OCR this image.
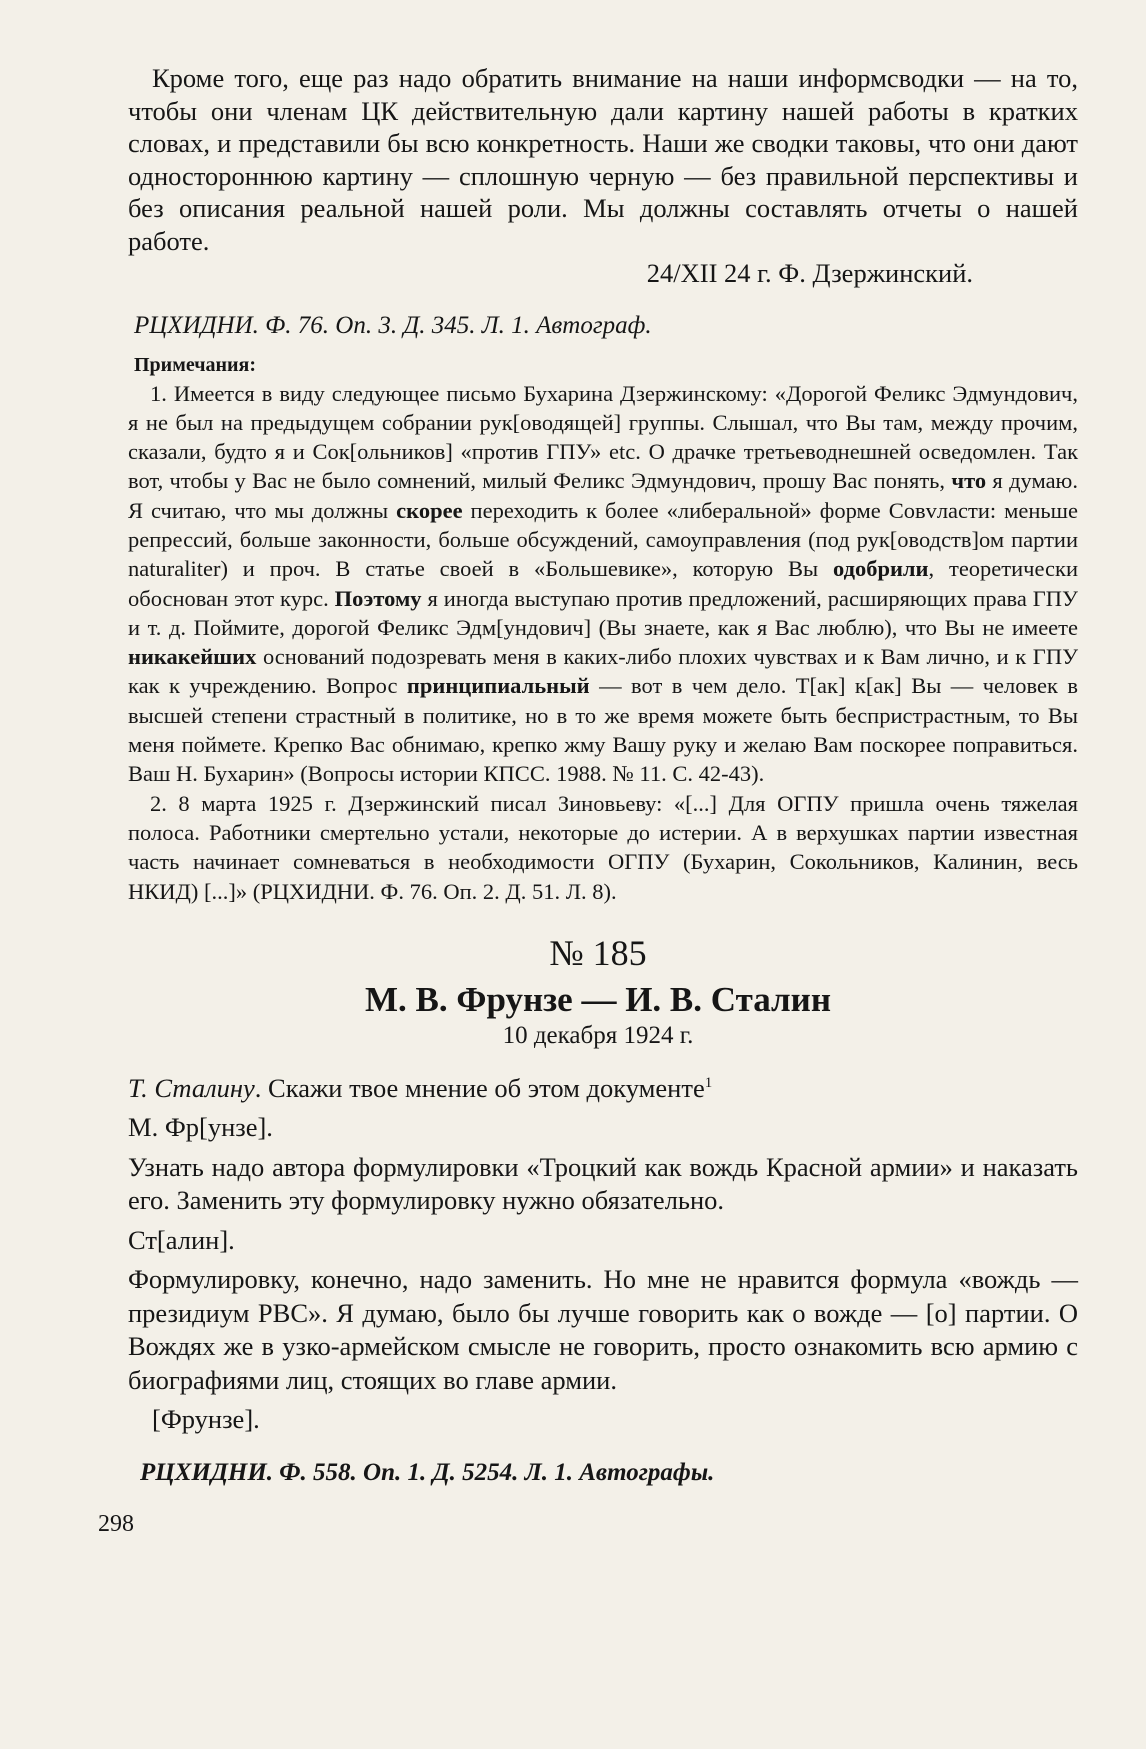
Кроме того, еще раз надо обратить внимание на наши информсводки — на то, чтобы они членам ЦК действительную дали картину нашей работы в кратких словах, и представили бы всю конкретность. Наши же сводки таковы, что они дают одностороннюю картину — сплошную черную — без правильной перспективы и без описания реальной нашей роли. Мы должны составлять отчеты о нашей работе.

24/XII 24 г. Ф. Дзержинский.

РЦХИДНИ. Ф. 76. Оп. 3. Д. 345. Л. 1. Автограф.

Примечания:

1. Имеется в виду следующее письмо Бухарина Дзержинскому: «Дорогой Феликс Эдмундович, я не был на предыдущем собрании рук[оводящей] группы. Слышал, что Вы там, между прочим, сказали, будто я и Сок[ольников] «против ГПУ» etc. О драчке третьеводнешней осведомлен. Так вот, чтобы у Вас не было сомнений, милый Феликс Эдмундович, прошу Вас понять, что я думаю. Я считаю, что мы должны скорее переходить к более «либеральной» форме Совvласти: меньше репрессий, больше законности, больше обсуждений, самоуправления (под рук[оводств]ом партии naturaliter) и проч. В статье своей в «Большевике», которую Вы одобрили, теоретически обоснован этот курс. Поэтому я иногда выступаю против предложений, расширяющих права ГПУ и т. д. Поймите, дорогой Феликс Эдм[ундович] (Вы знаете, как я Вас люблю), что Вы не имеете никакейших оснований подозревать меня в каких-либо плохих чувствах и к Вам лично, и к ГПУ как к учреждению. Вопрос принципиальный — вот в чем дело. Т[ак] к[ак] Вы — человек в высшей степени страстный в политике, но в то же время можете быть беспристрастным, то Вы меня поймете. Крепко Вас обнимаю, крепко жму Вашу руку и желаю Вам поскорее поправиться. Ваш Н. Бухарин» (Вопросы истории КПСС. 1988. № 11. С. 42-43).

2. 8 марта 1925 г. Дзержинский писал Зиновьеву: «[...] Для ОГПУ пришла очень тяжелая полоса. Работники смертельно устали, некоторые до истерии. А в верхушках партии известная часть начинает сомневаться в необходимости ОГПУ (Бухарин, Сокольников, Калинин, весь НКИД) [...]» (РЦХИДНИ. Ф. 76. Оп. 2. Д. 51. Л. 8).

№ 185

М. В. Фрунзе — И. В. Сталин

10 декабря 1924 г.

Т. Сталину. Скажи твое мнение об этом документе$^1$

М. Фр[унзе].

Узнать надо автора формулировки «Троцкий как вождь Красной армии» и наказать его. Заменить эту формулировку нужно обязательно.

Ст[алин].

Формулировку, конечно, надо заменить. Но мне не нравится формула «вождь — президиум РВС». Я думаю, было бы лучше говорить как о вожде — [о] партии. О Вождях же в узко-армейском смысле не говорить, просто ознакомить всю армию с биографиями лиц, стоящих во главе армии.

[Фрунзе].

РЦХИДНИ. Ф. 558. Оп. 1. Д. 5254. Л. 1. Автографы.

298
